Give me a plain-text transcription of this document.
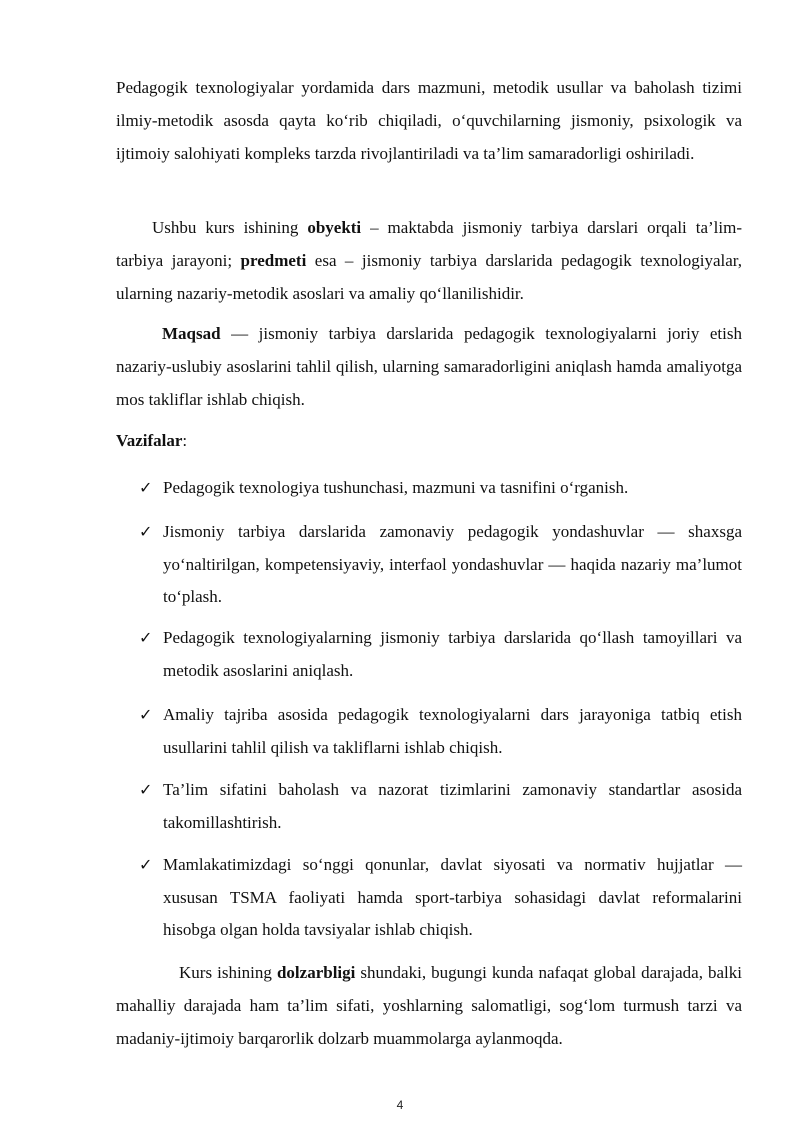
Pedagogik texnologiyalar yordamida dars mazmuni, metodik usullar va baholash tizimi ilmiy-metodik asosda qayta ko‘rib chiqiladi, o‘quvchilarning jismoniy, psixologik va ijtimoiy salohiyati kompleks tarzda rivojlantiriladi va ta’lim samaradorligi oshiriladi.

Ushbu kurs ishining obyekti – maktabda jismoniy tarbiya darslari orqali ta’lim-tarbiya jarayoni; predmeti esa – jismoniy tarbiya darslarida pedagogik texnologiyalar, ularning nazariy-metodik asoslari va amaliy qo‘llanilishidir.

Maqsad — jismoniy tarbiya darslarida pedagogik texnologiyalarni joriy etish nazariy-uslubiy asoslarini tahlil qilish, ularning samaradorligini aniqlash hamda amaliyotga mos takliflar ishlab chiqish.

Vazifalar:

✓ Pedagogik texnologiya tushunchasi, mazmuni va tasnifini o‘rganish.
✓ Jismoniy tarbiya darslarida zamonaviy pedagogik yondashuvlar — shaxsga yo‘naltirilgan, kompetensiyaviy, interfaol yondashuvlar — haqida nazariy ma’lumot to‘plash.
✓ Pedagogik texnologiyalarning jismoniy tarbiya darslarida qo‘llash tamoyillari va metodik asoslarini aniqlash.
✓ Amaliy tajriba asosida pedagogik texnologiyalarni dars jarayoniga tatbiq etish usullarini tahlil qilish va takliflarni ishlab chiqish.
✓ Ta’lim sifatini baholash va nazorat tizimlarini zamonaviy standartlar asosida takomillashtirish.
✓ Mamlakatimizdagi so‘nggi qonunlar, davlat siyosati va normativ hujjatlar — xususan TSMA faoliyati hamda sport-tarbiya sohasidagi davlat reformalarini hisobga olgan holda tavsiyalar ishlab chiqish.

Kurs ishining dolzarbligi shundaki, bugungi kunda nafaqat global darajada, balki mahalliy darajada ham ta’lim sifati, yoshlarning salomatligi, sog‘lom turmush tarzi va madaniy-ijtimoiy barqarorlik dolzarb muammolarga aylanmoqda.

4
